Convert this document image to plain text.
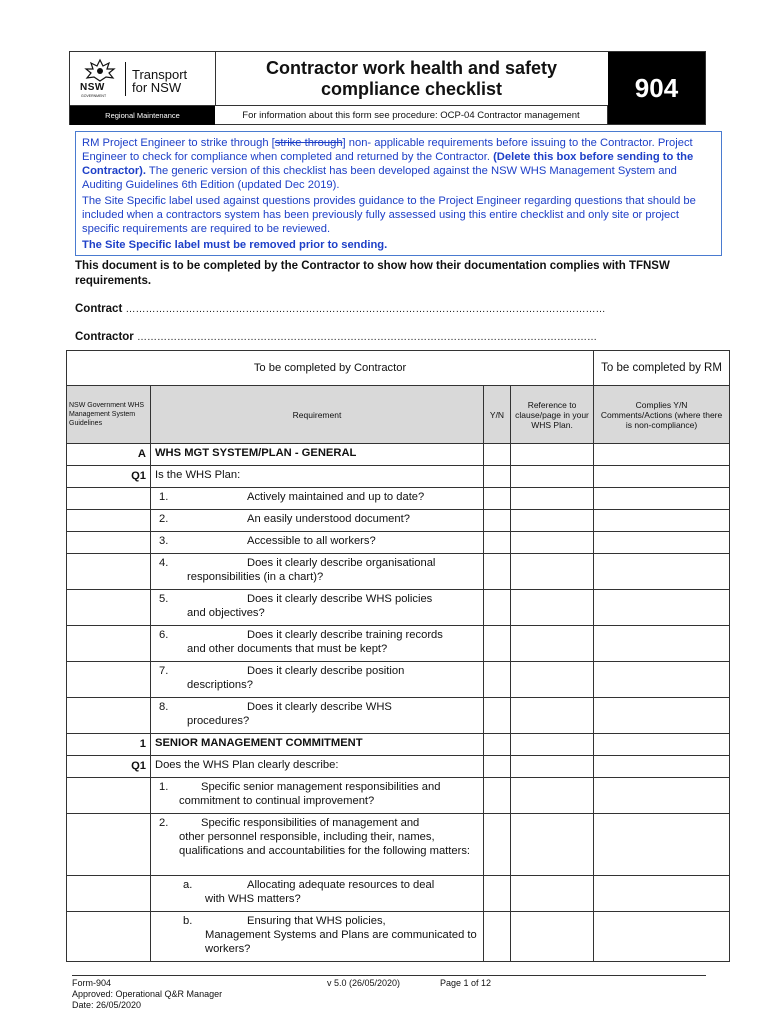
NSW
GOVERNMENT
Transport
for NSW
Contractor work health and safety
compliance checklist	904
Regional Maintenance	For information about this form see procedure: OCP-04 Contractor management

RM Project Engineer to strike through [strike through] non- applicable requirements before issuing to the Contractor. Project Engineer to check for compliance when completed and returned by the Contractor. (Delete this box before sending to the Contractor). The generic version of this checklist has been developed against the NSW WHS Management System and Auditing Guidelines 6th Edition (updated Dec 2019).

The Site Specific label used against questions provides guidance to the Project Engineer regarding questions that should be included when a contractors system has been previously fully assessed using this entire checklist and only site or project specific requirements are required to be reviewed.

The Site Specific label must be removed prior to sending.

This document is to be completed by the Contractor to show how their documentation complies with TFNSW requirements.
Contract ………………………………………………………………………………………………………………………………
Contractor …………………………………………………………………………………………………………………………
To be completed by Contractor				To be completed by RM
NSW Government WHS Management System Guidelines	Requirement	Y/N	Reference to clause/page in your WHS Plan.	Complies Y/N Comments/Actions (where there is non-compliance)
A	WHS MGT SYSTEM/PLAN - GENERAL			
Q1	Is the WHS Plan:			

	1. Actively maintained and up to date?			

	2. An easily understood document?			

	3. Accessible to all workers?			

	4. Does it clearly describe organisational
responsibilities (in a chart)?			

	5. Does it clearly describe WHS policies
and objectives?			

	6. Does it clearly describe training records
and other documents that must be kept?			

	7. Does it clearly describe position
descriptions?			

	8. Does it clearly describe WHS
procedures?			

1	SENIOR MANAGEMENT COMMITMENT			
Q1	Does the WHS Plan clearly describe:			

	1. Specific senior management responsibilities and
commitment to continual improvement?			

	2. Specific responsibilities of management and
other personnel responsible, including their, names, qualifications and accountabilities for the following matters:			

	a. Allocating adequate resources to deal
with WHS matters?			

	b. Ensuring that WHS policies,
Management Systems and Plans are communicated to workers?			

Form-904
Approved: Operational Q&R Manager
Date: 26/05/2020
v 5.0 (26/05/2020)	Page 1 of 12
